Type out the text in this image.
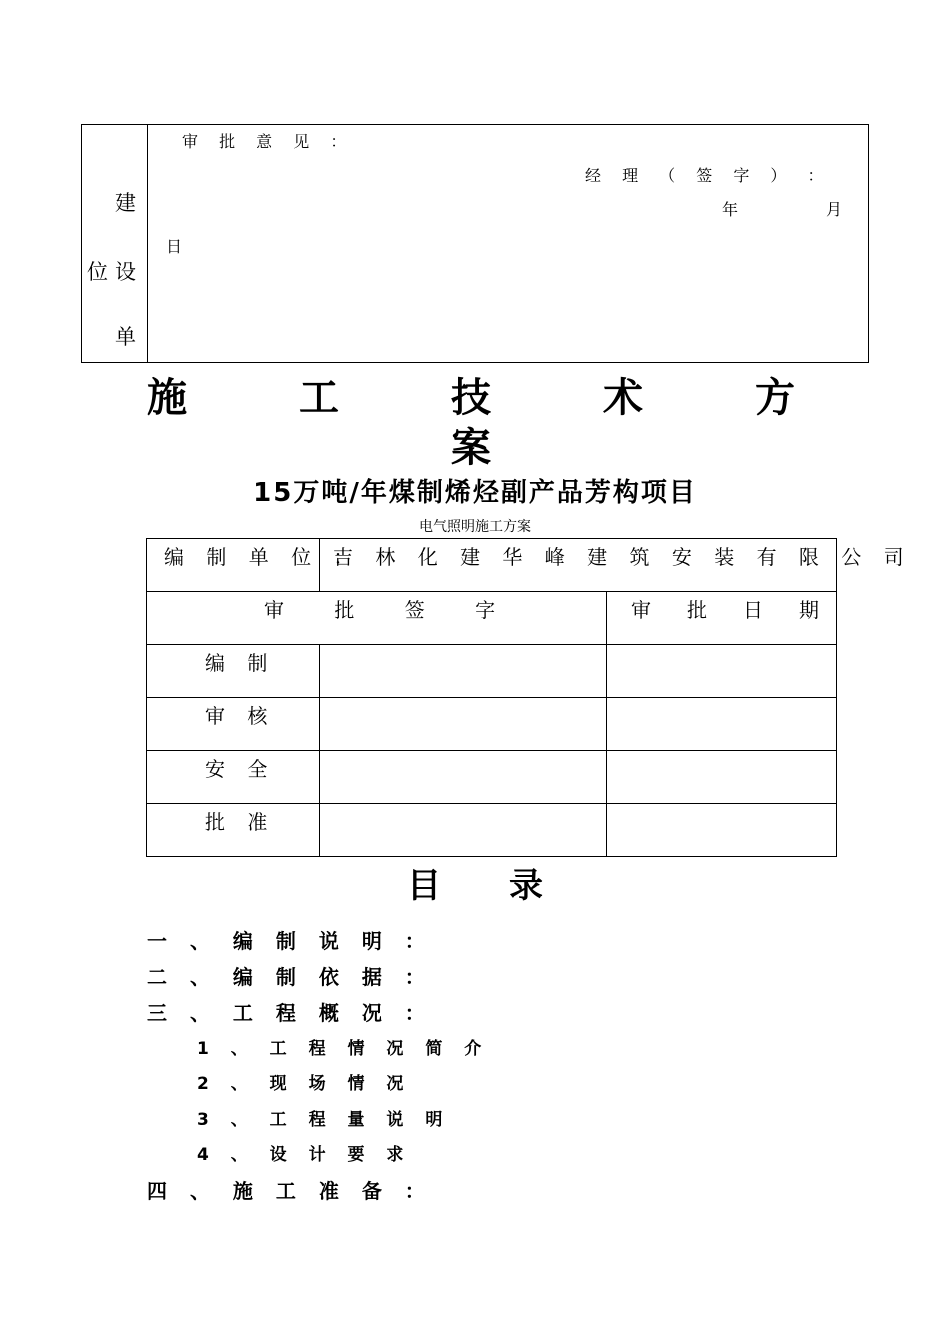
建
设
单
位
审 批 意 见 ：
经 理 （ 签 字 ） ：
年	月
日
施	工	技	术	方
案
15万吨/年煤制烯烃副产品芳构项目
电气照明施工方案
编 制 单 位 ：	吉 林 化 建 华 峰 建 筑 安 装 有 限 公 司	

审　 批　 签　 字		审　批　日　期

编 制		

审 核		

安 全		

批 准		

目　　录
一 、 编 制 说 明 ：
二 、 编 制 依 据 ：
三 、 工 程 概 况 ：
1 、 工 程 情 况 简 介
2 、 现 场 情 况
3 、 工 程 量 说 明
4 、 设 计 要 求
四 、 施 工 准 备 ：
